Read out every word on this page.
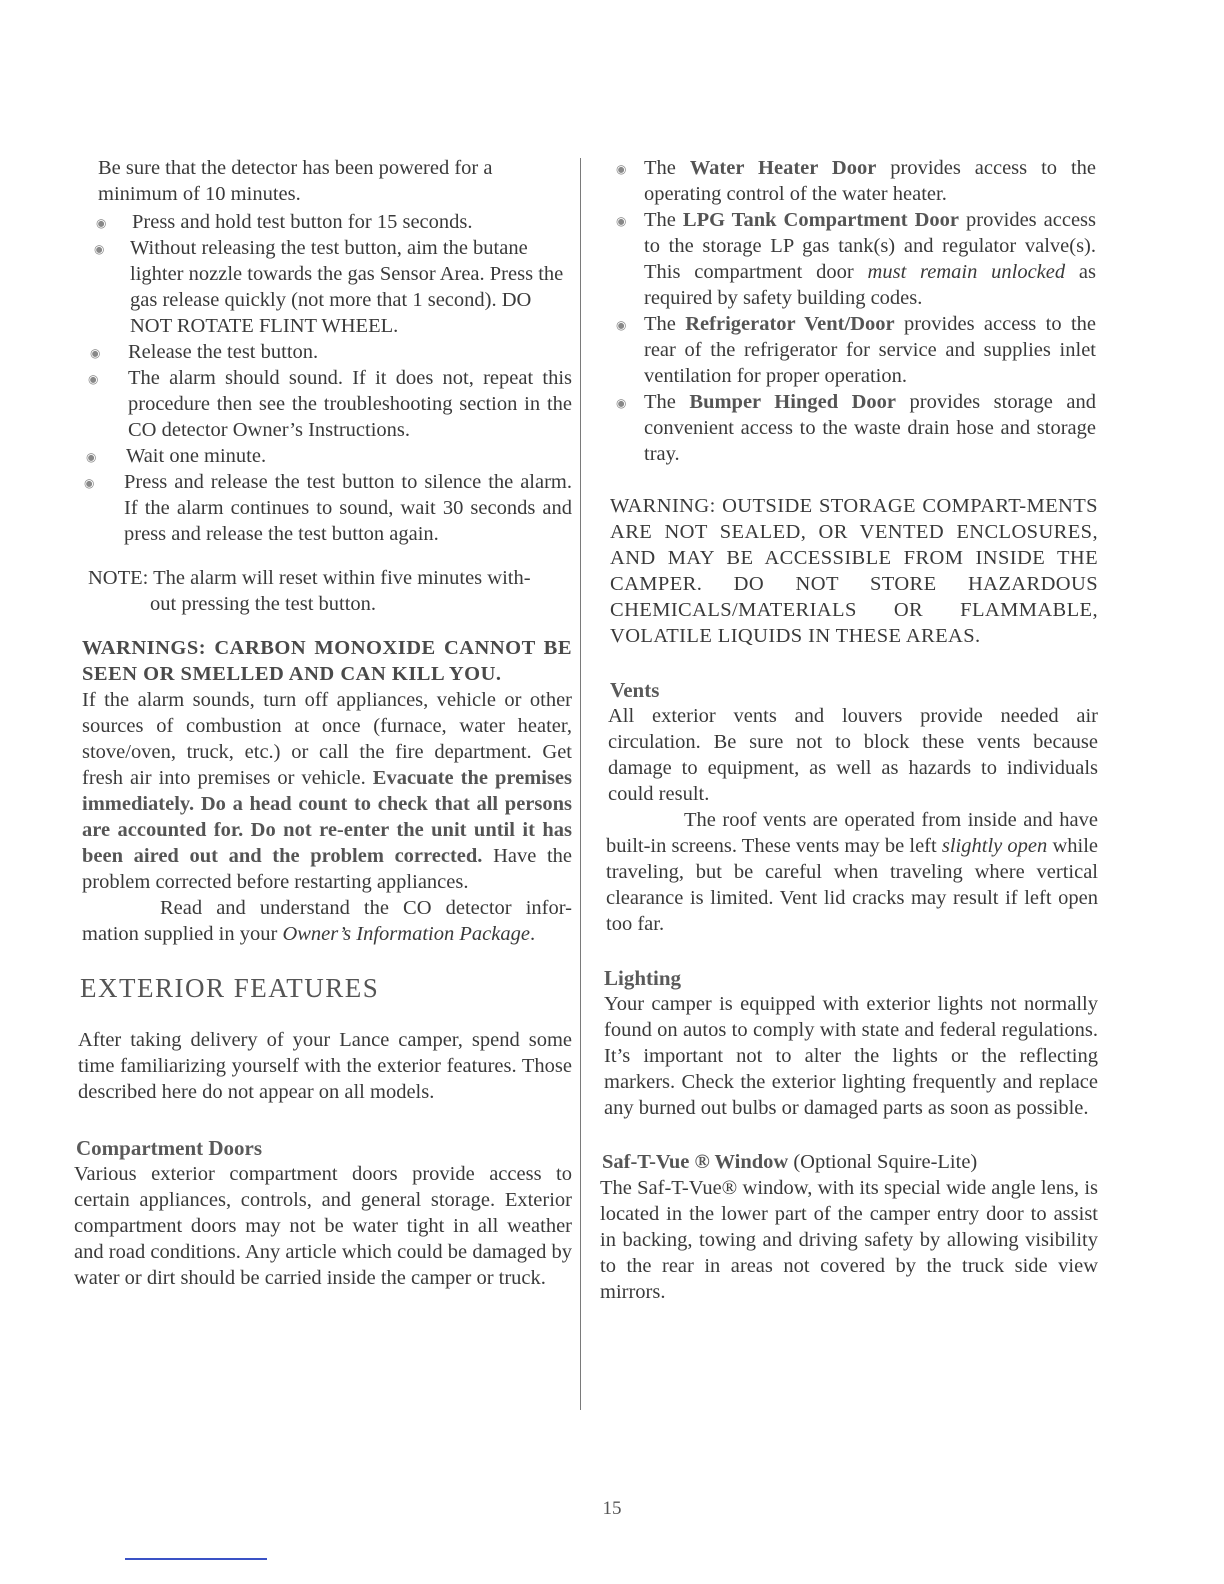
Be sure that the detector has been powered for a minimum of 10 minutes.

◉ Press and hold test button for 15 seconds.
◉ Without releasing the test button, aim the butane lighter nozzle towards the gas Sensor Area. Press the gas release quickly (not more that 1 second). DO NOT ROTATE FLINT WHEEL.
◉ Release the test button.
◉ The alarm should sound. If it does not, repeat this procedure then see the troubleshooting section in the CO detector Owner’s Instructions.
◉ Wait one minute.
◉ Press and release the test button to silence the alarm. If the alarm continues to sound, wait 30 seconds and press and release the test button again.

NOTE: The alarm will reset within five minutes with-out pressing the test button.

WARNINGS: CARBON MONOXIDE CANNOT BE SEEN OR SMELLED AND CAN KILL YOU.

If the alarm sounds, turn off appliances, vehicle or other sources of combustion at once (furnace, water heater, stove/oven, truck, etc.) or call the fire department. Get fresh air into premises or vehicle. Evacuate the premises immediately. Do a head count to check that all persons are accounted for. Do not re-enter the unit until it has been aired out and the problem corrected. Have the problem corrected before restarting appliances.

Read and understand the CO detector infor-mation supplied in your Owner’s Information Package.

EXTERIOR FEATURES

After taking delivery of your Lance camper, spend some time familiarizing yourself with the exterior features. Those described here do not appear on all models.

Compartment Doors

Various exterior compartment doors provide access to certain appliances, controls, and general storage. Exterior compartment doors may not be water tight in all weather and road conditions. Any article which could be damaged by water or dirt should be carried inside the camper or truck.

◉ The Water Heater Door provides access to the operating control of the water heater.
◉ The LPG Tank Compartment Door provides access to the storage LP gas tank(s) and regulator valve(s). This compartment door must remain unlocked as required by safety building codes.
◉ The Refrigerator Vent/Door provides access to the rear of the refrigerator for service and supplies inlet ventilation for proper operation.
◉ The Bumper Hinged Door provides storage and convenient access to the waste drain hose and storage tray.

WARNING: OUTSIDE STORAGE COMPART-MENTS ARE NOT SEALED, OR VENTED ENCLOSURES, AND MAY BE ACCESSIBLE FROM INSIDE THE CAMPER. DO NOT STORE HAZARDOUS CHEMICALS/MATERIALS OR FLAMMABLE, VOLATILE LIQUIDS IN THESE AREAS.

Vents

All exterior vents and louvers provide needed air circulation. Be sure not to block these vents because damage to equipment, as well as hazards to individuals could result.

The roof vents are operated from inside and have built-in screens. These vents may be left slightly open while traveling, but be careful when traveling where vertical clearance is limited. Vent lid cracks may result if left open too far.

Lighting

Your camper is equipped with exterior lights not normally found on autos to comply with state and federal regulations. It’s important not to alter the lights or the reflecting markers. Check the exterior lighting frequently and replace any burned out bulbs or damaged parts as soon as possible.

Saf-T-Vue ® Window (Optional Squire-Lite)

The Saf-T-Vue® window, with its special wide angle lens, is located in the lower part of the camper entry door to assist in backing, towing and driving safety by allowing visibility to the rear in areas not covered by the truck side view mirrors.

15
